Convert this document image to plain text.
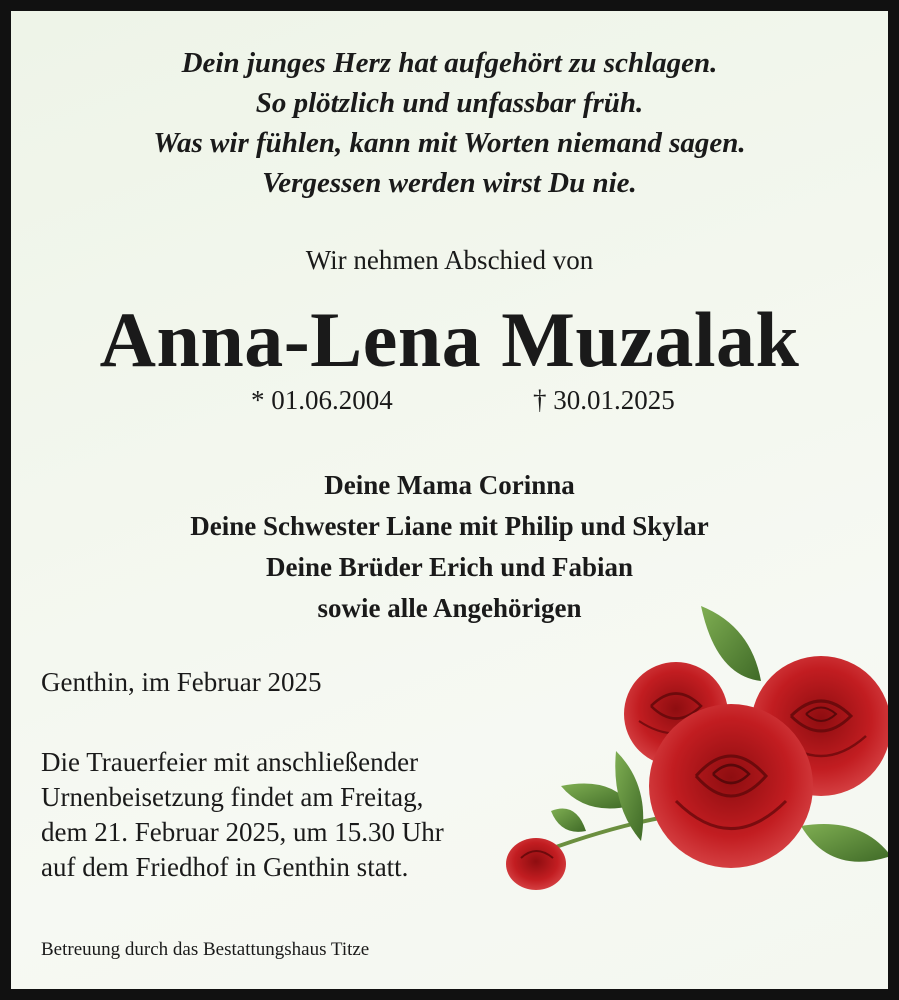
Dein junges Herz hat aufgehört zu schlagen.
So plötzlich und unfassbar früh.
Was wir fühlen, kann mit Worten niemand sagen.
Vergessen werden wirst Du nie.
Wir nehmen Abschied von
Anna-Lena Muzalak
* 01.06.2004	† 30.01.2025
Deine Mama Corinna
Deine Schwester Liane mit Philip und Skylar
Deine Brüder Erich und Fabian
sowie alle Angehörigen
Genthin, im Februar 2025
Die Trauerfeier mit anschließender
Urnenbeisetzung findet am Freitag,
dem 21. Februar 2025, um 15.30 Uhr
auf dem Friedhof in Genthin statt.
Betreuung durch das Bestattungshaus Titze
